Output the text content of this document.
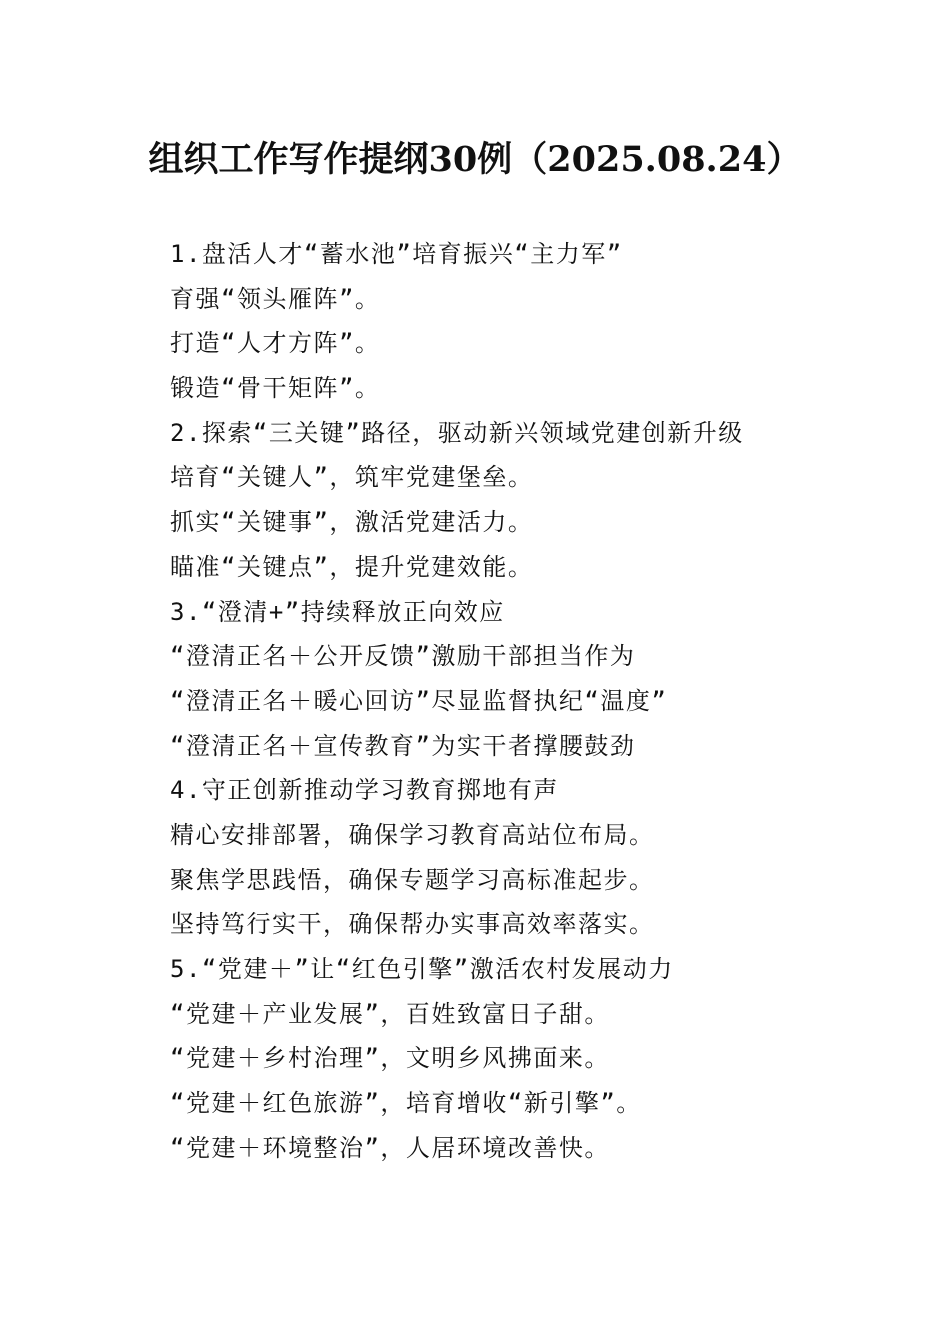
组织工作写作提纲30例（2025.08.24）
1.盘活人才“蓄水池”培育振兴“主力军”
育强“领头雁阵”。
打造“人才方阵”。
锻造“骨干矩阵”。
2.探索“三关键”路径，驱动新兴领域党建创新升级
培育“关键人”，筑牢党建堡垒。
抓实“关键事”，激活党建活力。
瞄准“关键点”，提升党建效能。
3.“澄清+”持续释放正向效应
“澄清正名＋公开反馈”激励干部担当作为
“澄清正名＋暖心回访”尽显监督执纪“温度”
“澄清正名＋宣传教育”为实干者撑腰鼓劲
4.守正创新推动学习教育掷地有声
精心安排部署，确保学习教育高站位布局。
聚焦学思践悟，确保专题学习高标准起步。
坚持笃行实干，确保帮办实事高效率落实。
5.“党建＋”让“红色引擎”激活农村发展动力
“党建＋产业发展”，百姓致富日子甜。
“党建＋乡村治理”，文明乡风拂面来。
“党建＋红色旅游”，培育增收“新引擎”。
“党建＋环境整治”，人居环境改善快。
